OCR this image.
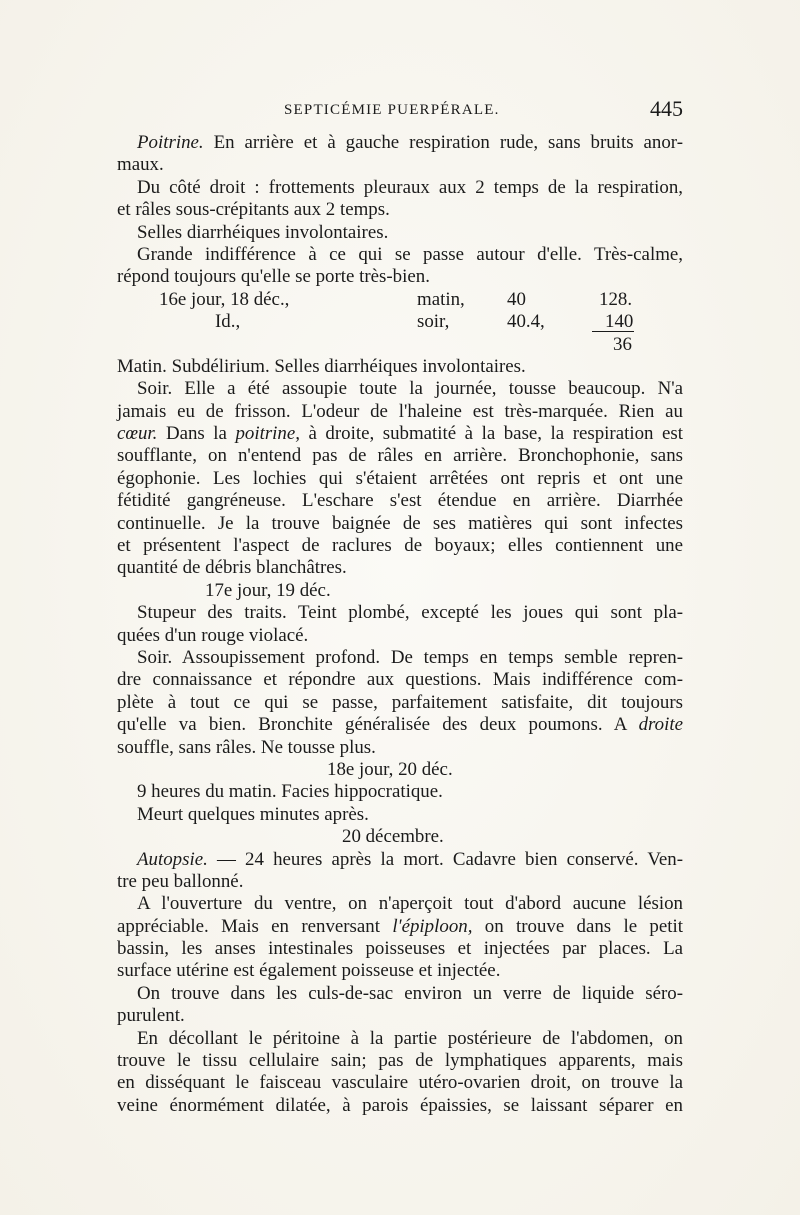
SEPTICÉMIE PUERPÉRALE.	445
Poitrine. En arrière et à gauche respiration rude, sans bruits anor-
maux.
Du côté droit : frottements pleuraux aux 2 temps de la respiration,
et râles sous-crépitants aux 2 temps.
Selles diarrhéiques involontaires.
Grande indifférence à ce qui se passe autour d'elle. Très-calme,
répond toujours qu'elle se porte très-bien.
16e jour, 18 déc.,	matin, 40	128.
Id.,	soir,	40.4,	140
36
Matin. Subdélirium. Selles diarrhéiques involontaires.
Soir. Elle a été assoupie toute la journée, tousse beaucoup. N'a
jamais eu de frisson. L'odeur de l'haleine est très-marquée. Rien au
cœur. Dans la poitrine, à droite, submatité à la base, la respiration est
soufflante, on n'entend pas de râles en arrière. Bronchophonie, sans
égophonie. Les lochies qui s'étaient arrêtées ont repris et ont une
fétidité gangréneuse. L'eschare s'est étendue en arrière. Diarrhée
continuelle. Je la trouve baignée de ses matières qui sont infectes
et présentent l'aspect de raclures de boyaux; elles contiennent une
quantité de débris blanchâtres.
17e jour, 19 déc.
Stupeur des traits. Teint plombé, excepté les joues qui sont pla-
quées d'un rouge violacé.
Soir. Assoupissement profond. De temps en temps semble repren-
dre connaissance et répondre aux questions. Mais indifférence com-
plète à tout ce qui se passe, parfaitement satisfaite, dit toujours
qu'elle va bien. Bronchite généralisée des deux poumons. A droite
souffle, sans râles. Ne tousse plus.
18e jour, 20 déc.
9 heures du matin. Facies hippocratique.
Meurt quelques minutes après.
20 décembre.
Autopsie. — 24 heures après la mort. Cadavre bien conservé. Ven-
tre peu ballonné.
A l'ouverture du ventre, on n'aperçoit tout d'abord aucune lésion
appréciable. Mais en renversant l'épiploon, on trouve dans le petit
bassin, les anses intestinales poisseuses et injectées par places. La
surface utérine est également poisseuse et injectée.
On trouve dans les culs-de-sac environ un verre de liquide séro-
purulent.
En décollant le péritoine à la partie postérieure de l'abdomen, on
trouve le tissu cellulaire sain; pas de lymphatiques apparents, mais
en disséquant le faisceau vasculaire utéro-ovarien droit, on trouve la
veine énormément dilatée, à parois épaissies, se laissant séparer en
